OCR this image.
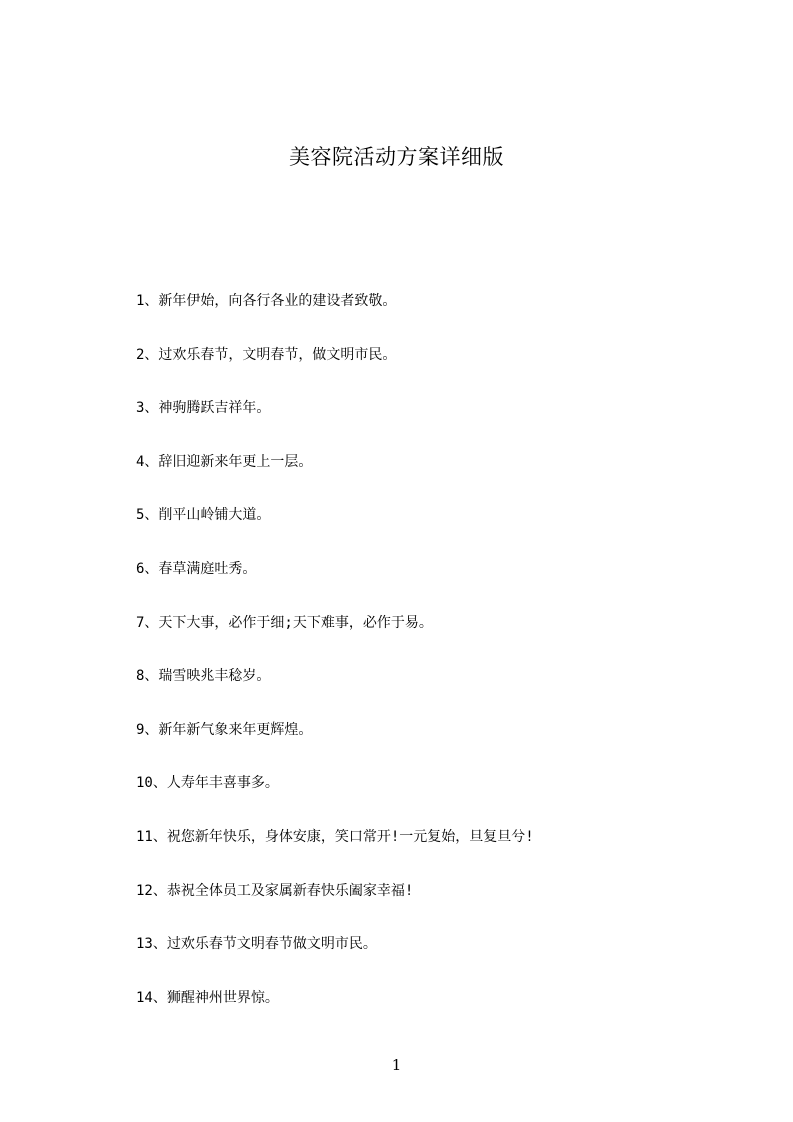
美容院活动方案详细版
1、新年伊始，向各行各业的建设者致敬。
2、过欢乐春节，文明春节，做文明市民。
3、神驹腾跃吉祥年。
4、辞旧迎新来年更上一层。
5、削平山岭铺大道。
6、春草满庭吐秀。
7、天下大事，必作于细;天下难事，必作于易。
8、瑞雪映兆丰稔岁。
9、新年新气象来年更辉煌。
10、人寿年丰喜事多。
11、祝您新年快乐，身体安康，笑口常开!一元复始，旦复旦兮!
12、恭祝全体员工及家属新春快乐阖家幸福!
13、过欢乐春节文明春节做文明市民。
14、狮醒神州世界惊。
1
